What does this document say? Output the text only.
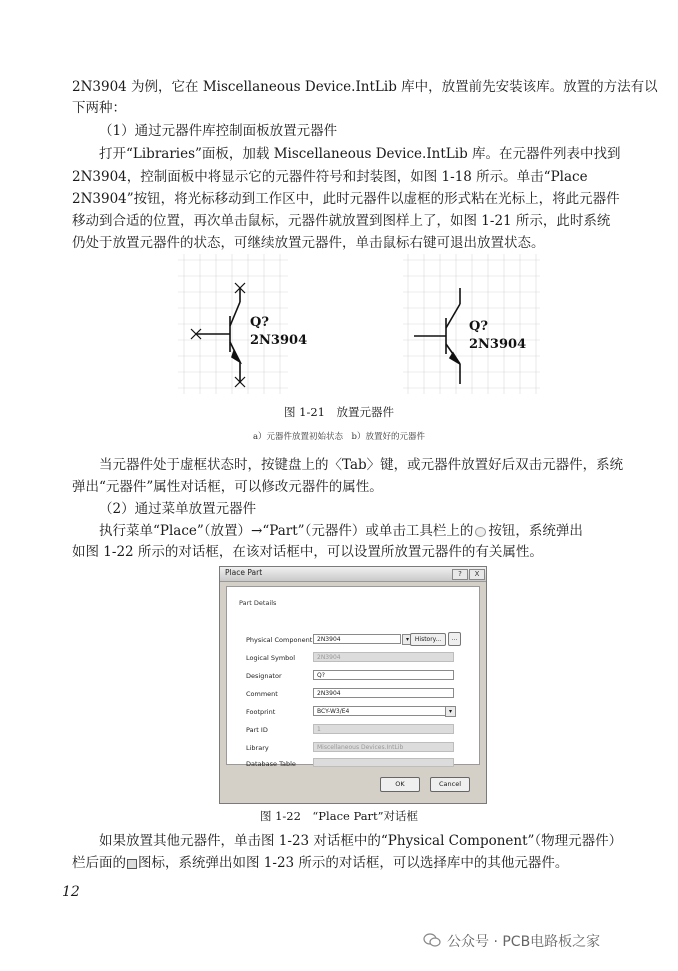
2N3904 为例，它在 Miscellaneous Device.IntLib 库中，放置前先安装该库。放置的方法有以
下两种：
（1）通过元器件库控制面板放置元器件
打开“Libraries”面板，加载 Miscellaneous Device.IntLib 库。在元器件列表中找到
2N3904，控制面板中将显示它的元器件符号和封装图，如图 1-18 所示。单击“Place
2N3904”按钮，将光标移动到工作区中，此时元器件以虚框的形式粘在光标上，将此元器件
移动到合适的位置，再次单击鼠标，元器件就放置到图样上了，如图 1-21 所示，此时系统
仍处于放置元器件的状态，可继续放置元器件，单击鼠标右键可退出放置状态。
Q?
2N3904
Q?
2N3904
图 1-21　放置元器件
a）元器件放置初始状态　b）放置好的元器件
当元器件处于虚框状态时，按键盘上的〈Tab〉键，或元器件放置好后双击元器件，系统
弹出“元器件”属性对话框，可以修改元器件的属性。
（2）通过菜单放置元器件
执行菜单“Place”（放置）→“Part”（元器件）或单击工具栏上的 按钮，系统弹出
如图 1-22 所示的对话框，在该对话框中，可以设置所放置元器件的有关属性。
Place Part	?	X
Part Details
Physical Component 2N3904	▾ History...	...
Logical Symbol	2N3904
Designator	Q?
Comment	2N3904
Footprint	BCY-W3/E4	▾
Part ID	1
Library	Miscellaneous Devices.IntLib
Database Table
OK	Cancel
图 1-22　“Place Part”对话框
如果放置其他元器件，单击图 1-23 对话框中的“Physical Component”（物理元器件）
栏后面的 图标，系统弹出如图 1-23 所示的对话框，可以选择库中的其他元器件。
12
公众号 · PCB电路板之家
